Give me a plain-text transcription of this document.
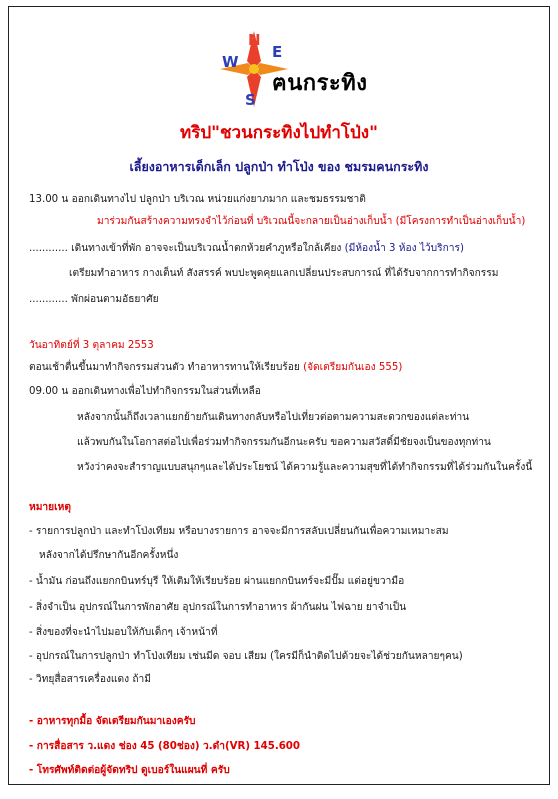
N
W
E
S
ฅนกระทิง
ทริป"ชวนกระทิงไปทำโป่ง"
เลี้ยงอาหารเด็กเล็ก ปลูกป่า ทำโป่ง ของ ชมรมคนกระทิง
13.00 น ออกเดินทางไป ปลูกป่า บริเวณ หน่วยแก่งยาภมาก และชมธรรมชาติ
มาร่วมกันสร้างความทรงจำไว้ก่อนที่ บริเวณนี้จะกลายเป็นอ่างเก็บน้ำ (มีโครงการทำเป็นอ่างเก็บน้ำ)
............ เดินทางเข้าที่พัก อาจจะเป็นบริเวณน้ำตกห้วยคำภูหรือใกล้เคียง (มีห้องน้ำ 3 ห้อง ไว้บริการ)
เตรียมทำอาหาร กางเต็นท์ สังสรรค์ พบปะพูดคุยแลกเปลี่ยนประสบการณ์ ที่ได้รับจากการทำกิจกรรม
............ พักผ่อนตามอัธยาศัย
วันอาทิตย์ที่ 3 ตุลาคม 2553
ตอนเช้าตื่นขึ้นมาทำกิจกรรมส่วนตัว ทำอาหารทานให้เรียบร้อย (จัดเตรียมกันเอง 555)
09.00 น ออกเดินทางเพื่อไปทำกิจกรรมในส่วนที่เหลือ
หลังจากนั้นก็ถึงเวลาแยกย้ายกันเดินทางกลับหรือไปเที่ยวต่อตามความสะดวกของแต่ละท่าน
แล้วพบกันในโอกาสต่อไปเพื่อร่วมทำกิจกรรมกันอีกนะครับ ขอความสวัสดิ์มีชัยจงเป็นของทุกท่าน
หวังว่าคงจะสำราญแบบสนุกๆและได้ประโยชน์ ได้ความรู้และความสุขที่ได้ทำกิจกรรมที่ได้ร่วมกันในครั้งนี้
หมายเหตุ
- รายการปลูกป่า และทำโป่งเทียม หรือบางรายการ อาจจะมีการสลับเปลี่ยนกันเพื่อความเหมาะสม
หลังจากได้ปรึกษากันอีกครั้งหนึ่ง
- น้ำมัน ก่อนถึงแยกกบินทร์บุรี ให้เติมให้เรียบร้อย ผ่านแยกกบินทร์จะมีปั๊ม แต่อยู่ขวามือ
- สิ่งจำเป็น อุปกรณ์ในการพักอาศัย อุปกรณ์ในการทำอาหาร ผ้ากันฝน ไฟฉาย ยาจำเป็น
- สิ่งของที่จะนำไปมอบให้กับเด็กๆ เจ้าหน้าที่
- อุปกรณ์ในการปลูกป่า ทำโป่งเทียม เช่นมีด จอบ เสียม (ใครมีก็นำติดไปด้วยจะได้ช่วยกันหลายๆคน)
- วิทยุสื่อสารเครื่องแดง ถ้ามี
- อาหารทุกมื้อ จัดเตรียมกันมาเองครับ
- การสื่อสาร ว.แดง ช่อง 45 (80ช่อง) ว.ดำ(VR) 145.600
- โทรศัพท์ติดต่อผู้จัดทริป ดูเบอร์ในแผนที่ ครับ
